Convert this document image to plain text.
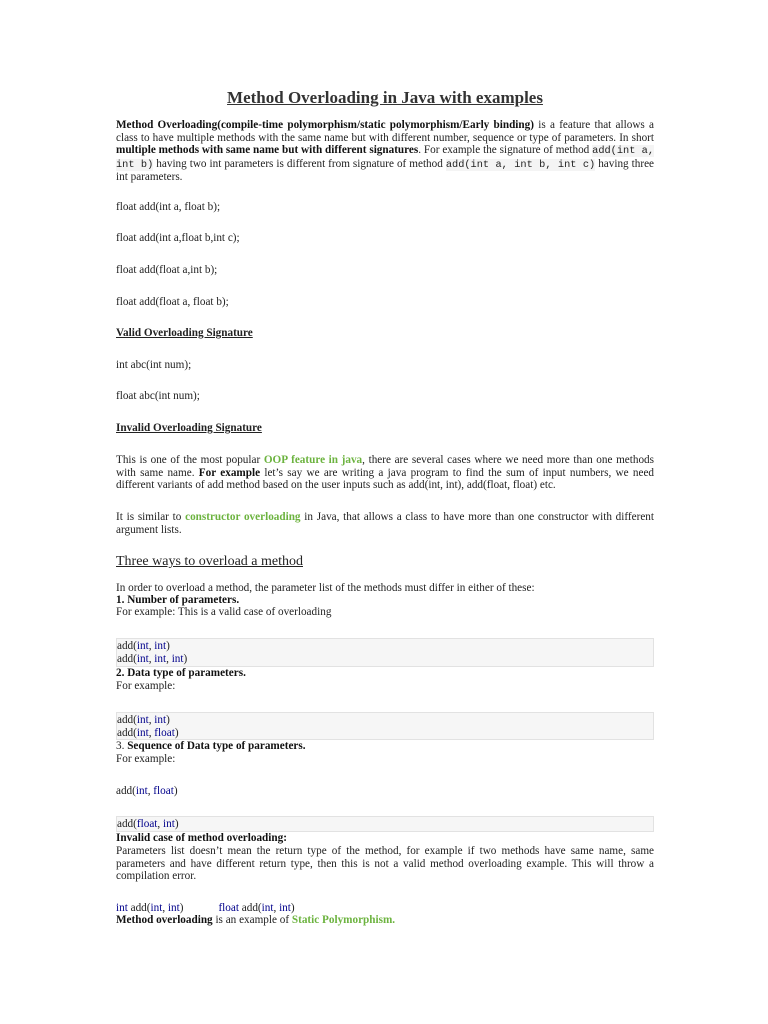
Method Overloading in Java with examples
Method Overloading(compile-time polymorphism/static polymorphism/Early binding) is a feature that allows a class to have multiple methods with the same name but with different number, sequence or type of parameters. In short multiple methods with same name but with different signatures. For example the signature of method add(int a, int b) having two int parameters is different from signature of method add(int a, int b, int c) having three int parameters.
float add(int a, float b);
float add(int a,float b,int c);
float add(float a,int b);
float add(float a, float b);
Valid Overloading Signature
int abc(int num);
float abc(int num);
Invalid Overloading Signature
This is one of the most popular OOP feature in java, there are several cases where we need more than one methods with same name. For example let’s say we are writing a java program to find the sum of input numbers, we need different variants of add method based on the user inputs such as add(int, int), add(float, float) etc.
It is similar to constructor overloading in Java, that allows a class to have more than one constructor with different argument lists.
Three ways to overload a method
In order to overload a method, the parameter list of the methods must differ in either of these:
1. Number of parameters.
For example: This is a valid case of overloading
add(int, int)
add(int, int, int)
2. Data type of parameters.
For example:
add(int, int)
add(int, float)
3. Sequence of Data type of parameters.
For example:
add(int, float)
add(float, int)
Invalid case of method overloading:
Parameters list doesn’t mean the return type of the method, for example if two methods have same name, same parameters and have different return type, then this is not a valid method overloading example. This will throw a compilation error.
int add(int, int)	float add(int, int)
Method overloading is an example of Static Polymorphism.
